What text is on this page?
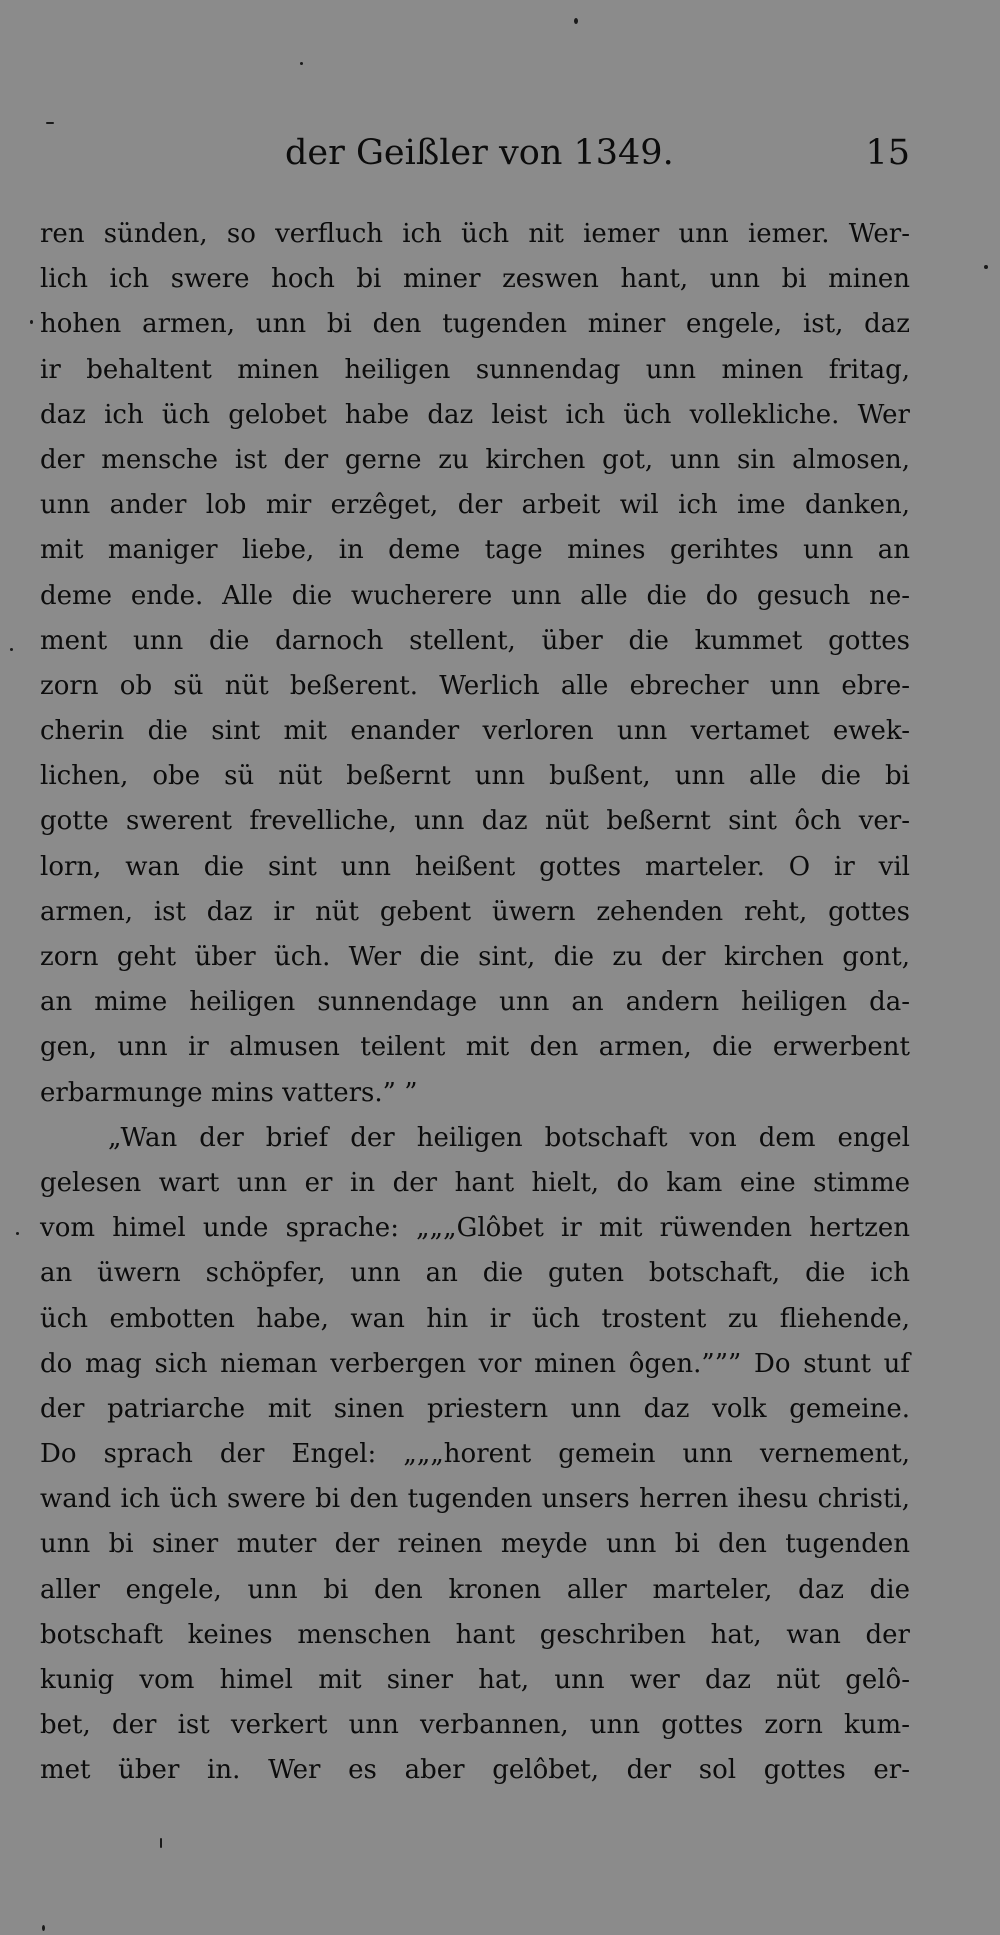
der Geißler von 1349.	15
ren sünden, so verfluch ich üch nit iemer unn iemer. Wer-
lich ich swere hoch bi miner zeswen hant, unn bi minen
hohen armen, unn bi den tugenden miner engele, ist, daz
ir behaltent minen heiligen sunnendag unn minen fritag,
daz ich üch gelobet habe daz leist ich üch vollekliche. Wer
der mensche ist der gerne zu kirchen got, unn sin almosen,
unn ander lob mir erzêget, der arbeit wil ich ime danken,
mit maniger liebe, in deme tage mines gerihtes unn an
deme ende. Alle die wucherere unn alle die do gesuch ne-
ment unn die darnoch stellent, über die kummet gottes
zorn ob sü nüt beßerent. Werlich alle ebrecher unn ebre-
cherin die sint mit enander verloren unn vertamet ewek-
lichen, obe sü nüt beßernt unn bußent, unn alle die bi
gotte swerent frevelliche, unn daz nüt beßernt sint ôch ver-
lorn, wan die sint unn heißent gottes marteler. O ir vil
armen, ist daz ir nüt gebent üwern zehenden reht, gottes
zorn geht über üch. Wer die sint, die zu der kirchen gont,
an mime heiligen sunnendage unn an andern heiligen da-
gen, unn ir almusen teilent mit den armen, die erwerbent
erbarmunge mins vatters.” ”
„Wan der brief der heiligen botschaft von dem engel
gelesen wart unn er in der hant hielt, do kam eine stimme
vom himel unde sprache: „„„Glôbet ir mit rüwenden hertzen
an üwern schöpfer, unn an die guten botschaft, die ich
üch embotten habe, wan hin ir üch trostent zu fliehende,
do mag sich nieman verbergen vor minen ôgen.””” Do stunt uf
der patriarche mit sinen priestern unn daz volk gemeine.
Do sprach der Engel: „„„horent gemein unn vernement,
wand ich üch swere bi den tugenden unsers herren ihesu christi,
unn bi siner muter der reinen meyde unn bi den tugenden
aller engele, unn bi den kronen aller marteler, daz die
botschaft keines menschen hant geschriben hat, wan der
kunig vom himel mit siner hat, unn wer daz nüt gelô-
bet, der ist verkert unn verbannen, unn gottes zorn kum-
met über in. Wer es aber gelôbet, der sol gottes er-
